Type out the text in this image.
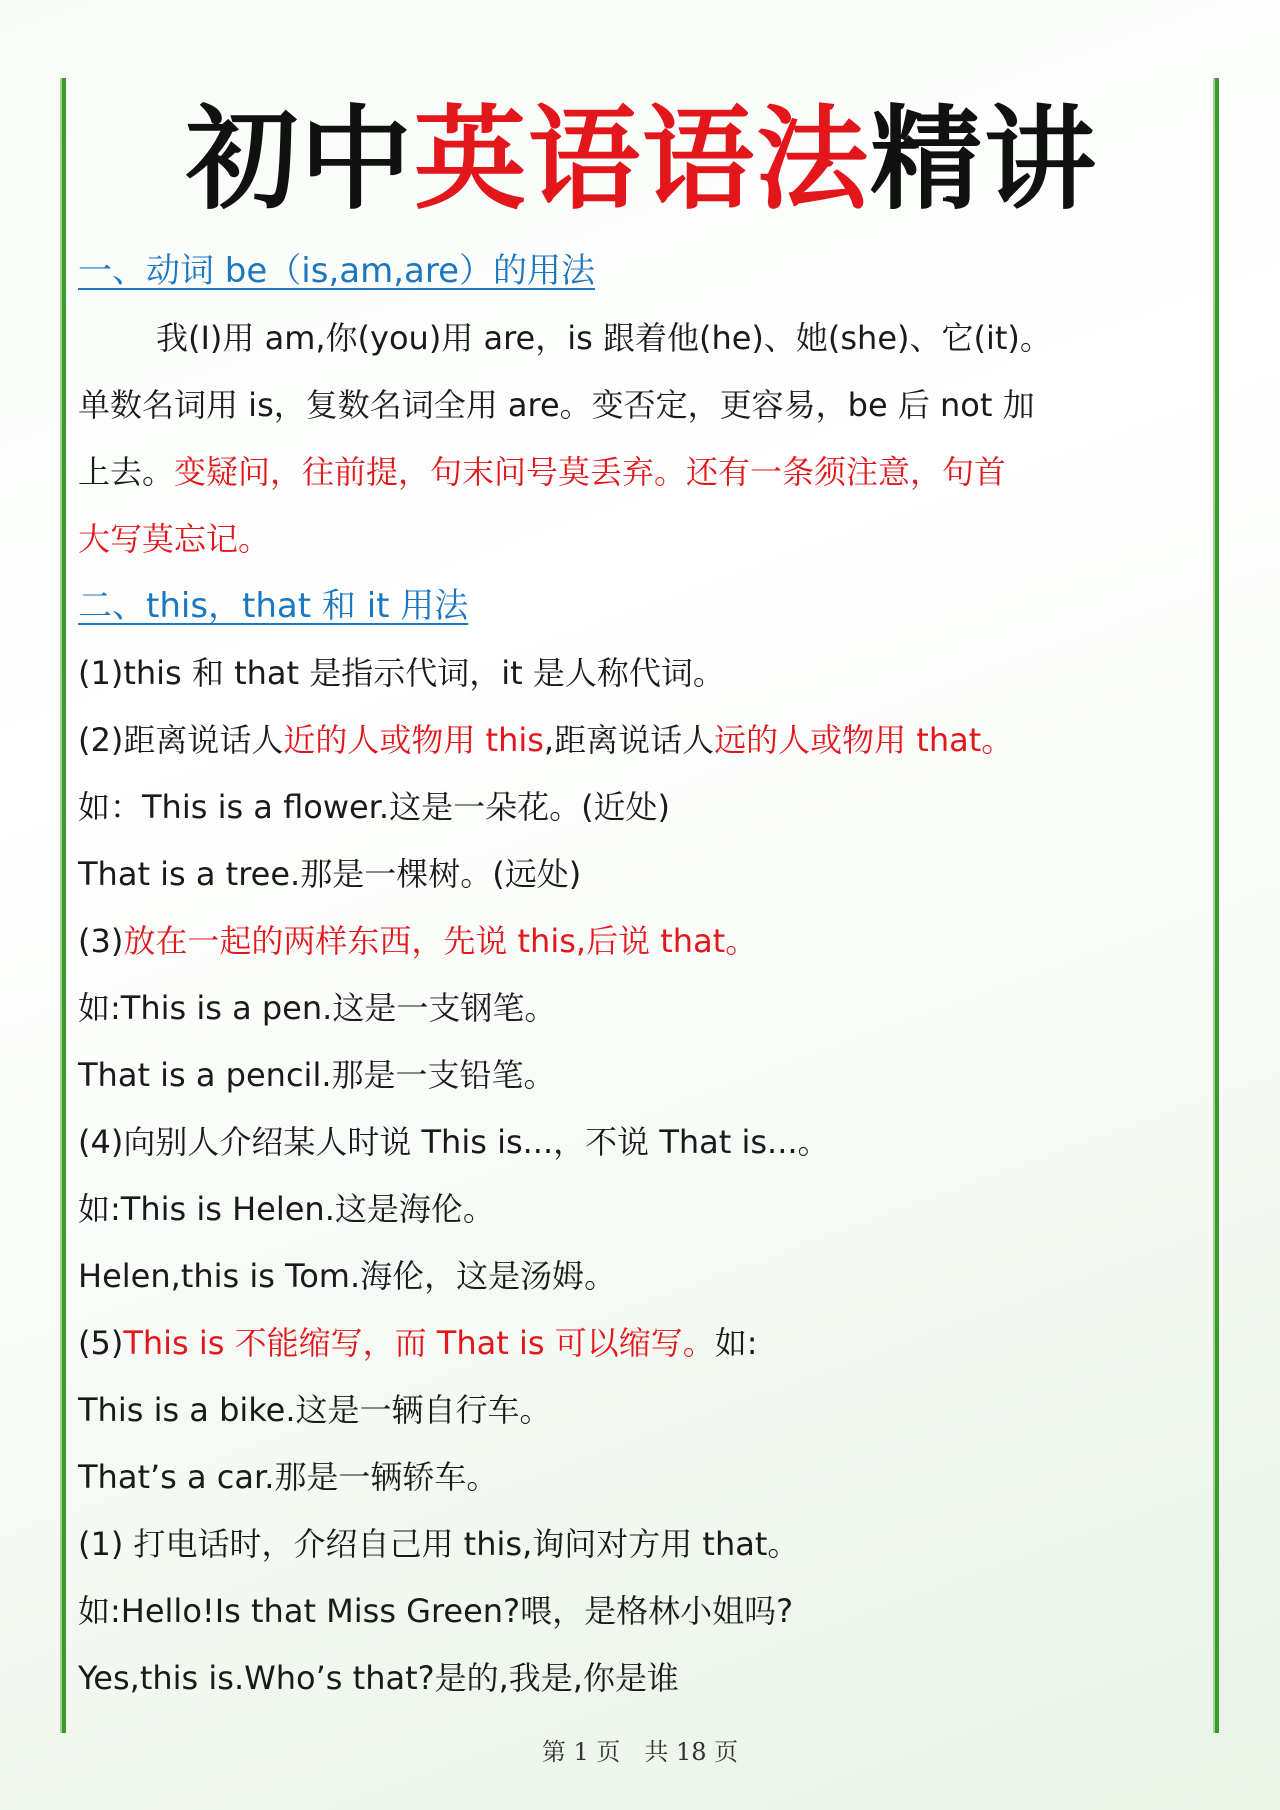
初中英语语法精讲

一、动词 be（is,am,are）的用法

我(I)用 am,你(you)用 are，is 跟着他(he)、她(she)、它(it)。

单数名词用 is，复数名词全用 are。变否定，更容易，be 后 not 加

上去。变疑问，往前提，句末问号莫丢弃。还有一条须注意，句首

大写莫忘记。

二、this，that 和 it 用法

(1)this 和 that 是指示代词，it 是人称代词。

(2)距离说话人近的人或物用 this,距离说话人远的人或物用 that。

如：This is a flower.这是一朵花。(近处)

That is a tree.那是一棵树。(远处)

(3)放在一起的两样东西，先说 this,后说 that。

如:This is a pen.这是一支钢笔。

That is a pencil.那是一支铅笔。

(4)向别人介绍某人时说 This is...，不说 That is...。

如:This is Helen.这是海伦。

Helen,this is Tom.海伦，这是汤姆。

(5)This is 不能缩写，而 That is 可以缩写。如:

This is a bike.这是一辆自行车。

That’s a car.那是一辆轿车。

(1) 打电话时，介绍自己用 this,询问对方用 that。

如:Hello!Is that Miss Green?喂，是格林小姐吗?

Yes,this is.Who’s that?是的,我是,你是谁

第 1 页　共 18 页
